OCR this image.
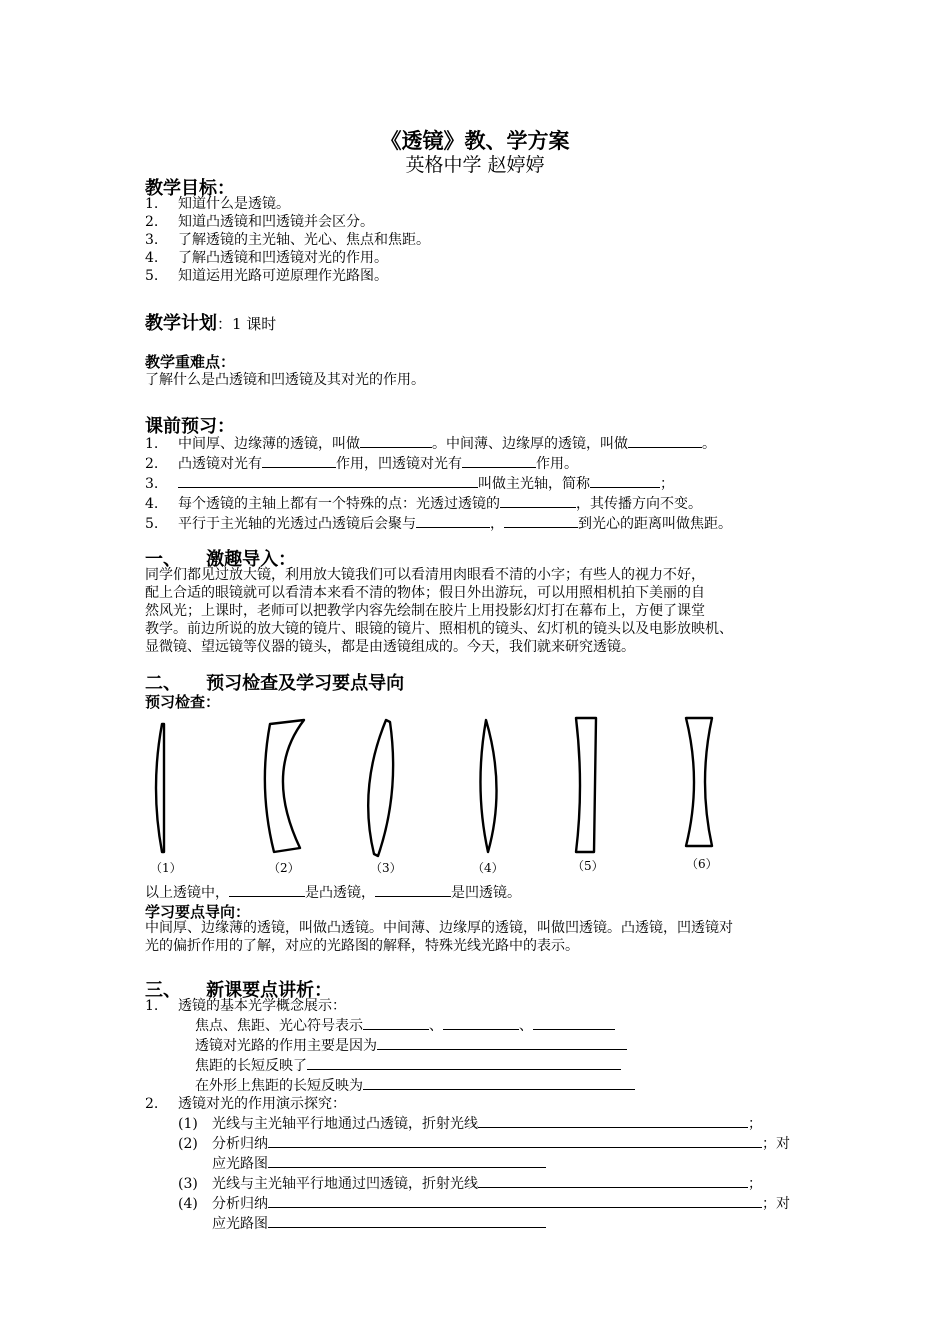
《透镜》教、学方案
英格中学 赵婷婷
教学目标：
1. 知道什么是透镜。
2. 知道凸透镜和凹透镜并会区分。
3. 了解透镜的主光轴、光心、焦点和焦距。
4. 了解凸透镜和凹透镜对光的作用。
5. 知道运用光路可逆原理作光路图。
教学计划：1 课时
教学重难点：
了解什么是凸透镜和凹透镜及其对光的作用。
课前预习：
1. 中间厚、边缘薄的透镜，叫做	。中间薄、边缘厚的透镜，叫做	。
2. 凸透镜对光有	作用，凹透镜对光有	作用。
3.	叫做主光轴，简称	；
4. 每个透镜的主轴上都有一个特殊的点：光透过透镜的	，其传播方向不变。
5. 平行于主光轴的光透过凸透镜后会聚与	，	到光心的距离叫做焦距。
一、    激趣导入：
同学们都见过放大镜，利用放大镜我们可以看清用肉眼看不清的小字；有些人的视力不好，
配上合适的眼镜就可以看清本来看不清的物体；假日外出游玩，可以用照相机拍下美丽的自
然风光；上课时，老师可以把教学内容先绘制在胶片上用投影幻灯打在幕布上，方便了课堂
教学。前边所说的放大镜的镜片、眼镜的镜片、照相机的镜头、幻灯机的镜头以及电影放映机、
显微镜、望远镜等仪器的镜头，都是由透镜组成的。今天，我们就来研究透镜。
二、    预习检查及学习要点导向
预习检查：
（1）	（2）	（3）	（4）	（5）	（6）
以上透镜中，	是凸透镜，	是凹透镜。
学习要点导向：
中间厚、边缘薄的透镜，叫做凸透镜。中间薄、边缘厚的透镜，叫做凹透镜。凸透镜，凹透镜对
光的偏折作用的了解，对应的光路图的解释，特殊光线光路中的表示。
三、    新课要点讲析：
1. 透镜的基本光学概念展示：
焦点、焦距、光心符号表示	、	、
透镜对光路的作用主要是因为
焦距的长短反映了
在外形上焦距的长短反映为
2. 透镜对光的作用演示探究：
(1) 光线与主光轴平行地通过凸透镜，折射光线	；
(2) 分析归纳	；对
应光路图
(3) 光线与主光轴平行地通过凹透镜，折射光线	；
(4) 分析归纳	；对
应光路图
